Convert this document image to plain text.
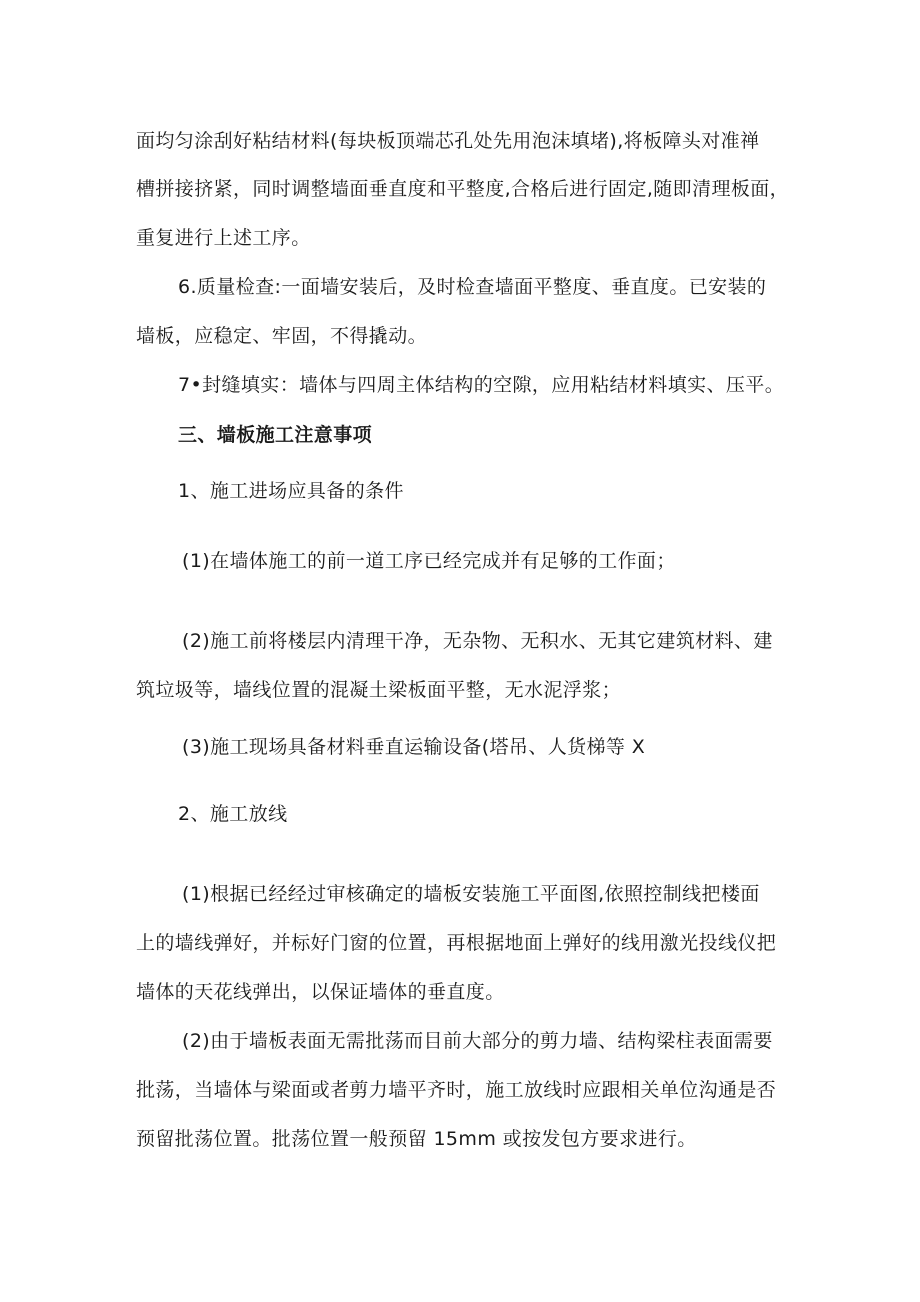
面均匀涂刮好粘结材料(每块板顶端芯孔处先用泡沫填堵),将板障头对准禅
槽拼接挤紧，同时调整墙面垂直度和平整度,合格后进行固定,随即清理板面，
重复进行上述工序。
6.质量检查:一面墙安装后，及时检查墙面平整度、垂直度。已安装的
墙板，应稳定、牢固，不得撬动。
7•封缝填实：墙体与四周主体结构的空隙，应用粘结材料填实、压平。
三、墙板施工注意事项
1、施工进场应具备的条件
(1)在墙体施工的前一道工序已经完成并有足够的工作面；
(2)施工前将楼层内清理干净，无杂物、无积水、无其它建筑材料、建
筑垃圾等，墙线位置的混凝土梁板面平整，无水泥浮浆；
(3)施工现场具备材料垂直运输设备(塔吊、人货梯等 X
2、施工放线
(1)根据已经经过审核确定的墙板安装施工平面图,依照控制线把楼面
上的墙线弹好，并标好门窗的位置，再根据地面上弹好的线用激光投线仪把
墙体的天花线弹出，以保证墙体的垂直度。
(2)由于墙板表面无需批荡而目前大部分的剪力墙、结构梁柱表面需要
批荡，当墙体与梁面或者剪力墙平齐时，施工放线时应跟相关单位沟通是否
预留批荡位置。批荡位置一般预留 15mm 或按发包方要求进行。
